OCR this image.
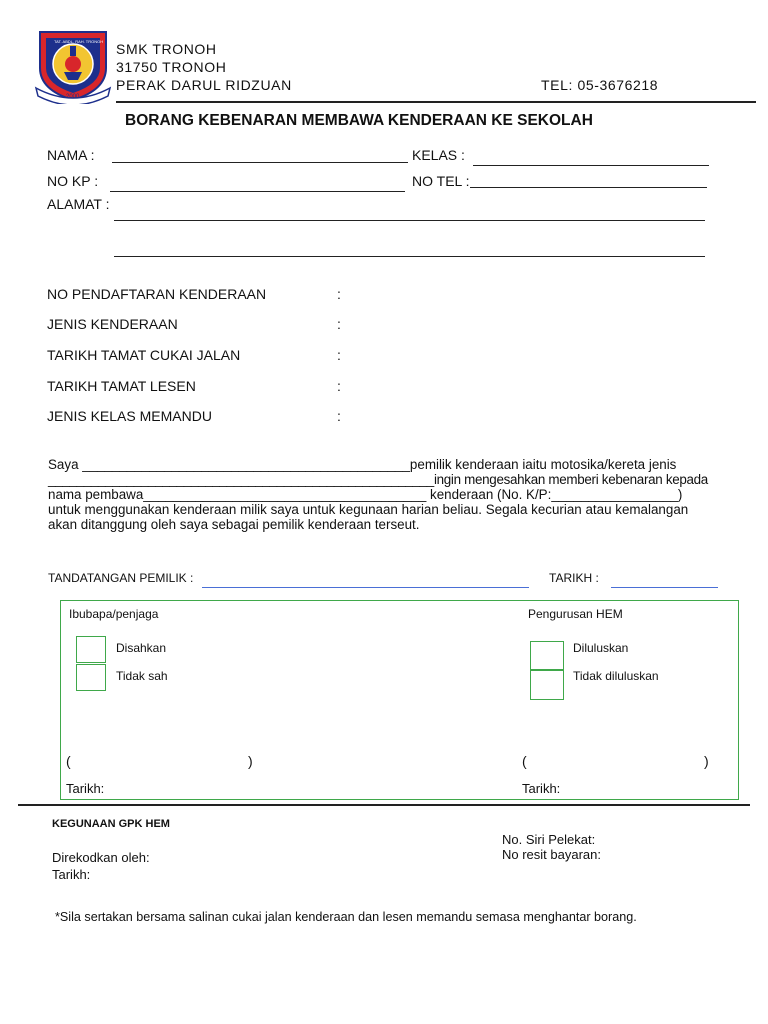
TAT. ABDL. RAH. TRONOH
2000
SMK TRONOH
31750 TRONOH
PERAK DARUL RIDZUAN	TEL: 05-3676218
BORANG KEBENARAN MEMBAWA KENDERAAN KE SEKOLAH
NAMA :	KELAS :
NO KP :	NO TEL :
ALAMAT :
NO PENDAFTARAN KENDERAAN	:
JENIS KENDERAAN	:
TARIKH TAMAT CUKAI JALAN	:
TARIKH TAMAT LESEN	:
JENIS KELAS MEMANDU	:
Saya ____________________________________________pemilik kenderaan iaitu motosika/kereta jenis
______________________________________________________ingin mengesahkan memberi kebenaran kepada
nama pembawa______________________________________ kenderaan (No. K/P:_________________)
untuk menggunakan kenderaan milik saya untuk kegunaan harian beliau. Segala kecurian atau kemalangan
akan ditanggung oleh saya sebagai pemilik kenderaan terseut.
TANDATANGAN PEMILIK :	TARIKH :
Ibubapa/penjaga
Disahkan
Tidak sah
(	)
Tarikh:
Pengurusan HEM
Diluluskan
Tidak diluluskan
(	)
Tarikh:
KEGUNAAN GPK HEM
Direkodkan oleh:
Tarikh:
No. Siri Pelekat:
No resit bayaran:
*Sila sertakan bersama salinan cukai jalan kenderaan dan lesen memandu semasa menghantar borang.
